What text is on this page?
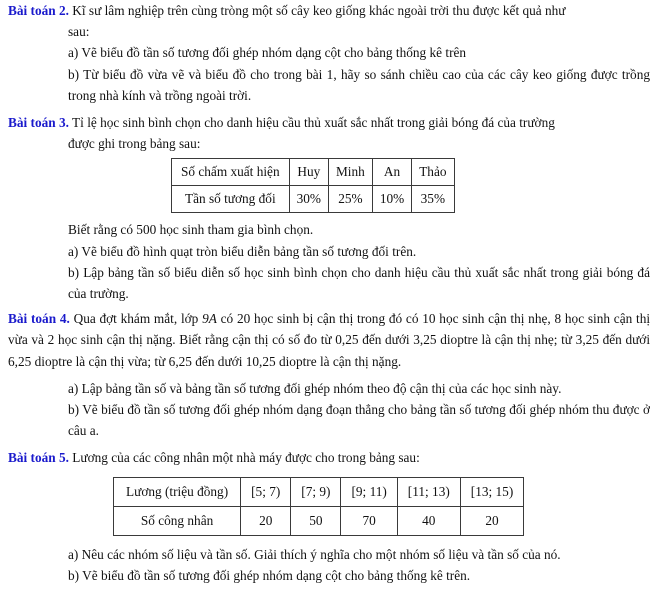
Bài toán 2. Kĩ sư lâm nghiệp trên cùng tròng một số cây keo giống khác ngoài trời thu được kết quả như
sau:
a) Vẽ biểu đồ tần số tương đối ghép nhóm dạng cột cho bảng thống kê trên
b) Từ biểu đồ vừa vẽ và biểu đồ cho trong bài 1, hãy so sánh chiều cao của các cây keo giống được trồng trong nhà kính và trồng ngoài trời.
Bài toán 3. Tỉ lệ học sinh bình chọn cho danh hiệu cầu thủ xuất sắc nhất trong giải bóng đá của trường
được ghi trong bảng sau:
Số chấm xuất hiện	Huy	Minh	An	Thảo
Tần số tương đối	30%	25%	10%	35%
Biết rằng có 500 học sinh tham gia bình chọn.
a) Vẽ biểu đồ hình quạt tròn biểu diễn bảng tần số tương đối trên.
b) Lập bảng tần số biểu diễn số học sinh bình chọn cho danh hiệu cầu thủ xuất sắc nhất trong giải bóng đá của trường.
Bài toán 4. Qua đợt khám mắt, lớp 9A có 20 học sinh bị cận thị trong đó có 10 học sinh cận thị nhẹ, 8 học sinh cận thị vừa và 2 học sinh cận thị nặng. Biết rằng cận thị có số đo từ 0,25 đến dưới 3,25 dioptre là cận thị nhẹ; từ 3,25 đến dưới 6,25 dioptre là cận thị vừa; từ 6,25 đến dưới 10,25 dioptre là cận thị nặng.
a) Lập bảng tần số và bảng tần số tương đối ghép nhóm theo độ cận thị của các học sinh này.
b) Vẽ biểu đồ tần số tương đối ghép nhóm dạng đoạn thẳng cho bảng tần số tương đối ghép nhóm thu được ở câu a.
Bài toán 5. Lương của các công nhân một nhà máy được cho trong bảng sau:
Lương (triệu đồng)	[5; 7)	[7; 9)	[9; 11)	[11; 13)	[13; 15)
Số công nhân	20	50	70	40	20
a) Nêu các nhóm số liệu và tần số. Giải thích ý nghĩa cho một nhóm số liệu và tần số của nó.
b) Vẽ biểu đồ tần số tương đối ghép nhóm dạng cột cho bảng thống kê trên.
